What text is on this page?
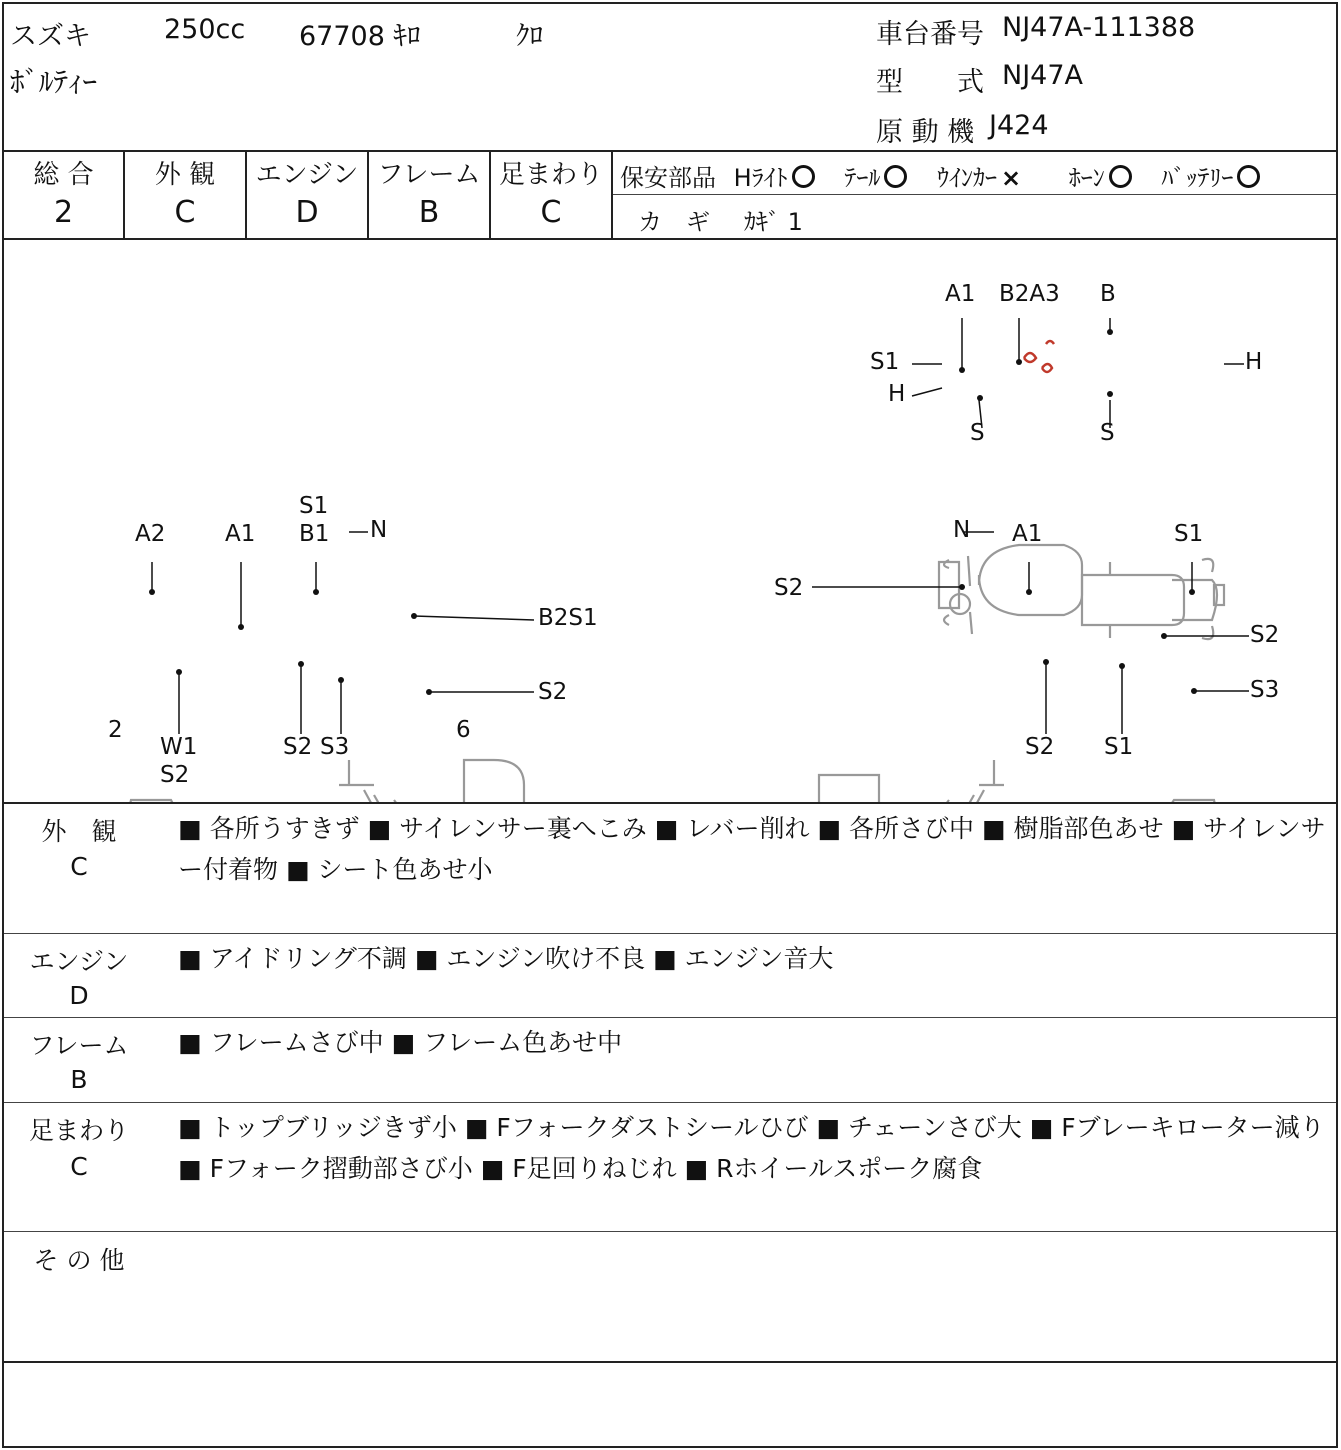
スズキ	250cc 67708 ｷﾛ	ｸﾛ
ﾎﾞﾙﾃｨｰ
車台番号 NJ47A-111388
型　　式 NJ47A
原 動 機 J424
総 合
2
外 観
C
エンジン
D
フレーム
B
足まわり
C
保安部品 Hﾗｲﾄ ﾃｰﾙ ｳｲﾝｶｰ × ﾎｰﾝ ﾊﾞｯﾃﾘｰ
カ　ギ ｶｷﾞ 1
A1 B2A3 B
S1
H
S	S
H
A2	A1
S1
B1 N
B2S1
S2
2
W1
S2
S2 S3
6
N A1	S1
S2
S2
S3
S2 S1
外　観
C
■ 各所うすきず ■ サイレンサー裏へこみ ■ レバー削れ ■ 各所さび中 ■ 樹脂部色あせ ■ サイレンサー付着物 ■ シート色あせ小
エンジン
D
■ アイドリング不調 ■ エンジン吹け不良 ■ エンジン音大
フレーム
B
■ フレームさび中 ■ フレーム色あせ中
足まわり
C
■ トップブリッジきず小 ■ Fフォークダストシールひび ■ チェーンさび大 ■ Fブレーキローター減り ■ Fフォーク摺動部さび小 ■ F足回りねじれ ■ Rホイールスポーク腐食
そ の 他
